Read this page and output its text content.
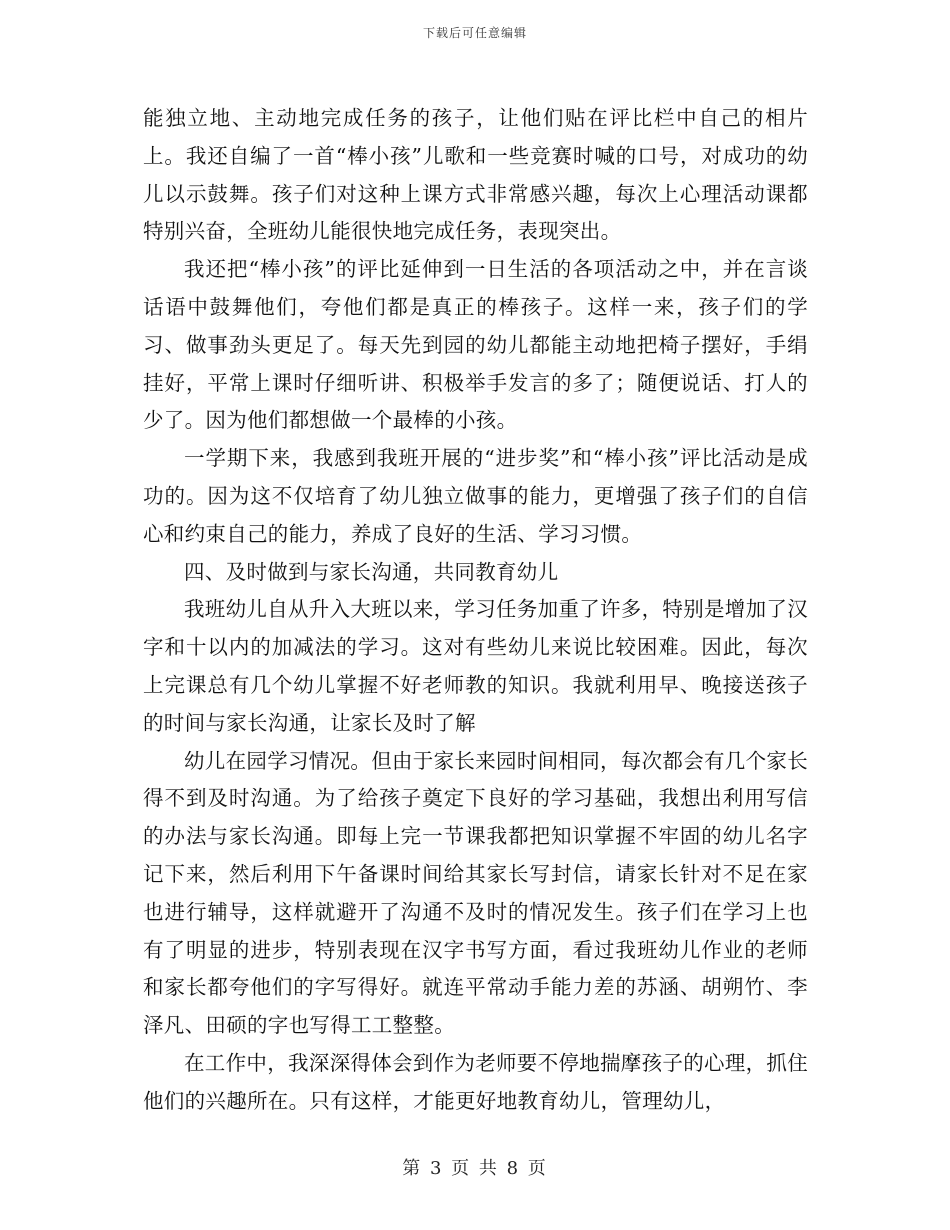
下载后可任意编辑

能独立地、主动地完成任务的孩子，让他们贴在评比栏中自己的相片上。我还自编了一首“棒小孩”儿歌和一些竞赛时喊的口号，对成功的幼儿以示鼓舞。孩子们对这种上课方式非常感兴趣，每次上心理活动课都特别兴奋，全班幼儿能很快地完成任务，表现突出。

我还把“棒小孩”的评比延伸到一日生活的各项活动之中，并在言谈话语中鼓舞他们，夸他们都是真正的棒孩子。这样一来，孩子们的学习、做事劲头更足了。每天先到园的幼儿都能主动地把椅子摆好，手绢挂好，平常上课时仔细听讲、积极举手发言的多了；随便说话、打人的少了。因为他们都想做一个最棒的小孩。

一学期下来，我感到我班开展的“进步奖”和“棒小孩”评比活动是成功的。因为这不仅培育了幼儿独立做事的能力，更增强了孩子们的自信心和约束自己的能力，养成了良好的生活、学习习惯。

四、及时做到与家长沟通，共同教育幼儿

我班幼儿自从升入大班以来，学习任务加重了许多，特别是增加了汉字和十以内的加减法的学习。这对有些幼儿来说比较困难。因此，每次上完课总有几个幼儿掌握不好老师教的知识。我就利用早、晚接送孩子的时间与家长沟通，让家长及时了解

幼儿在园学习情况。但由于家长来园时间相同，每次都会有几个家长得不到及时沟通。为了给孩子奠定下良好的学习基础，我想出利用写信的办法与家长沟通。即每上完一节课我都把知识掌握不牢固的幼儿名字记下来，然后利用下午备课时间给其家长写封信，请家长针对不足在家也进行辅导，这样就避开了沟通不及时的情况发生。孩子们在学习上也有了明显的进步，特别表现在汉字书写方面，看过我班幼儿作业的老师和家长都夸他们的字写得好。就连平常动手能力差的苏涵、胡朔竹、李泽凡、田硕的字也写得工工整整。

在工作中，我深深得体会到作为老师要不停地揣摩孩子的心理，抓住他们的兴趣所在。只有这样，才能更好地教育幼儿，管理幼儿，

第 3 页 共 8 页
